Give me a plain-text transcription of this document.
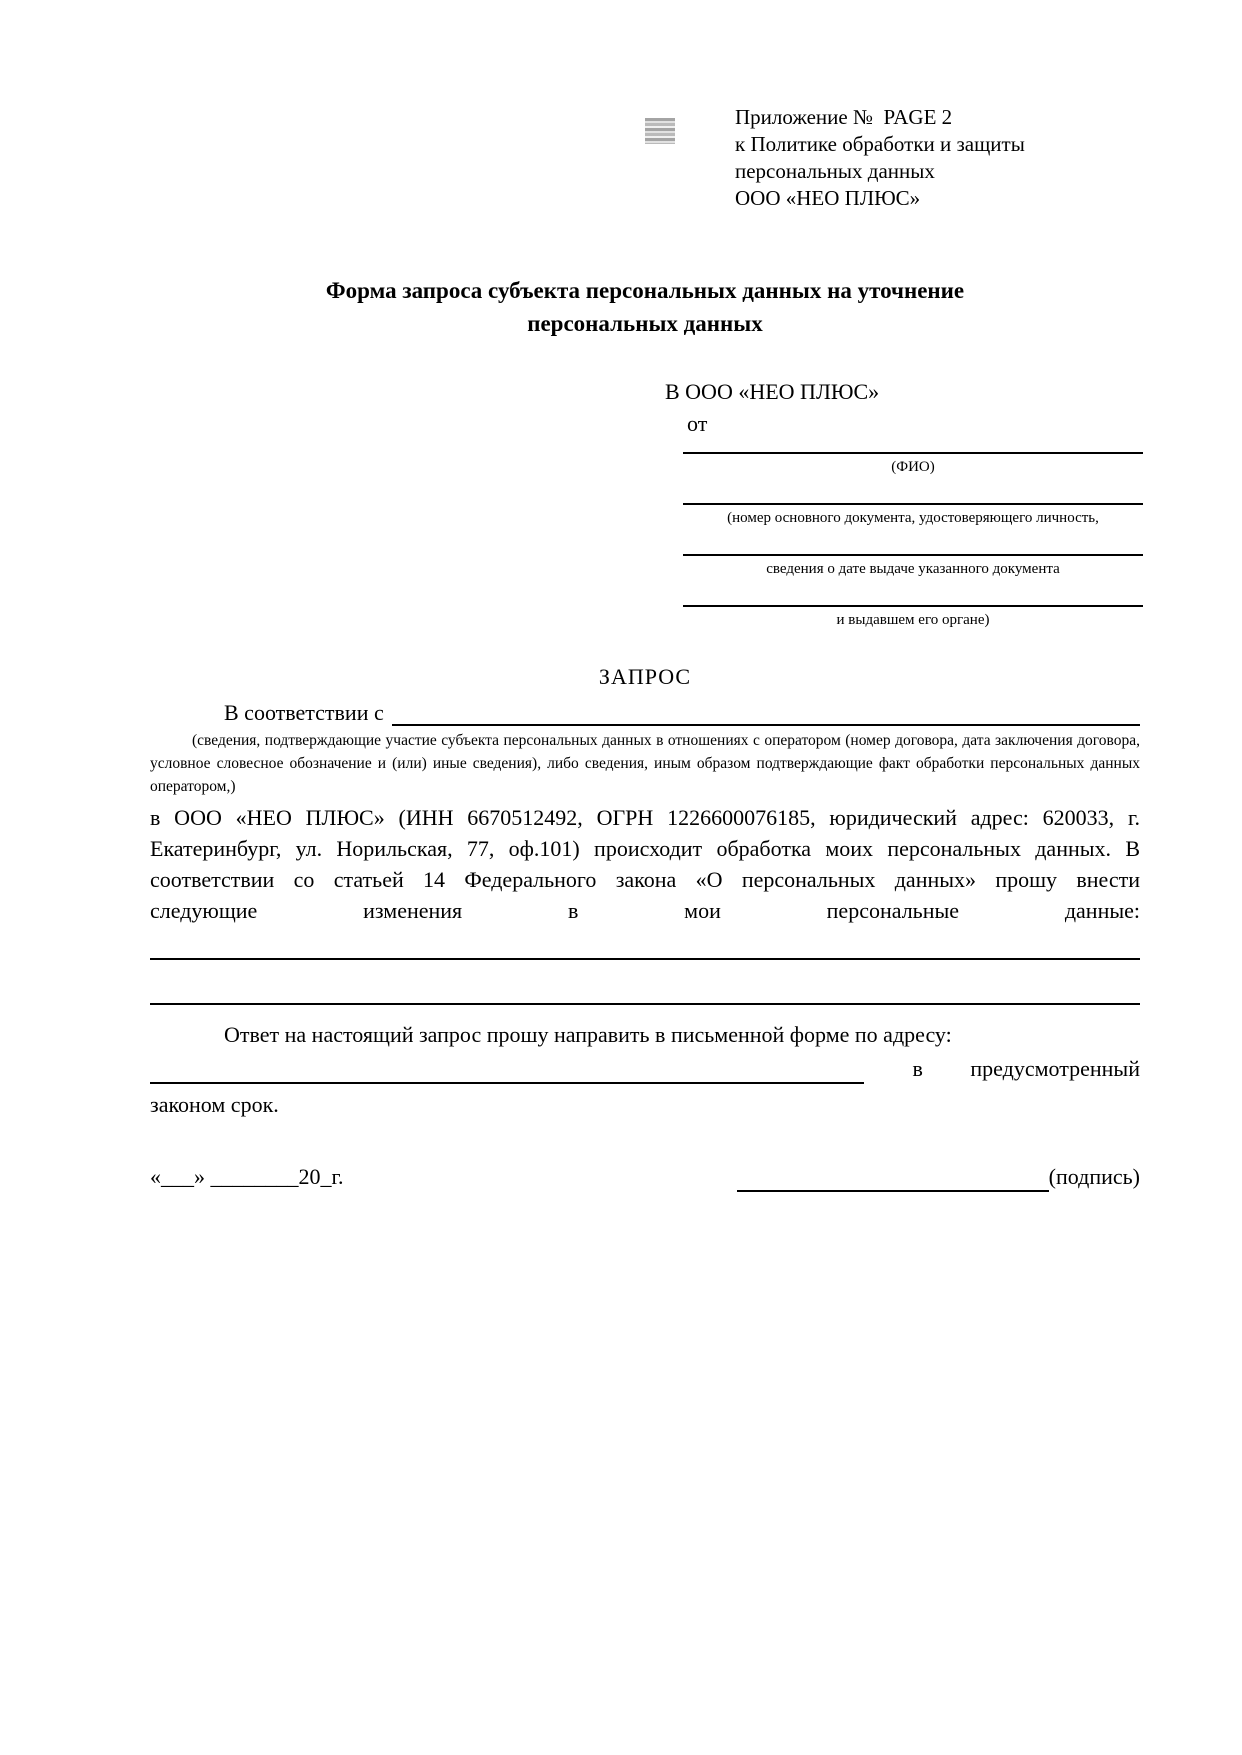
Приложение №  PAGE 2
к Политике обработки и защиты
персональных данных
ООО «НЕО ПЛЮС»
Форма запроса субъекта персональных данных на уточнение
персональных данных
В ООО «НЕО ПЛЮС»
от
(ФИО)
(номер основного документа, удостоверяющего личность,
сведения о дате выдаче указанного документа
и выдавшем его органе)
ЗАПРОС
В соответствии с
(сведения, подтверждающие участие субъекта персональных данных в отношениях с оператором (номер договора, дата заключения договора, условное словесное обозначение и (или) иные сведения), либо сведения, иным образом подтверждающие факт обработки персональных данных оператором,)
в ООО «НЕО ПЛЮС» (ИНН 6670512492, ОГРН 1226600076185, юридический адрес: 620033, г. Екатеринбург, ул. Норильская, 77, оф.101) происходит обработка моих персональных данных. В соответствии со статьей 14 Федерального закона «О персональных данных» прошу внести следующие изменения в мои персональные данные:
Ответ на настоящий запрос прошу направить в письменной форме по адресу:
в предусмотренный
законом срок.
«___» ________20_г.	(подпись)
